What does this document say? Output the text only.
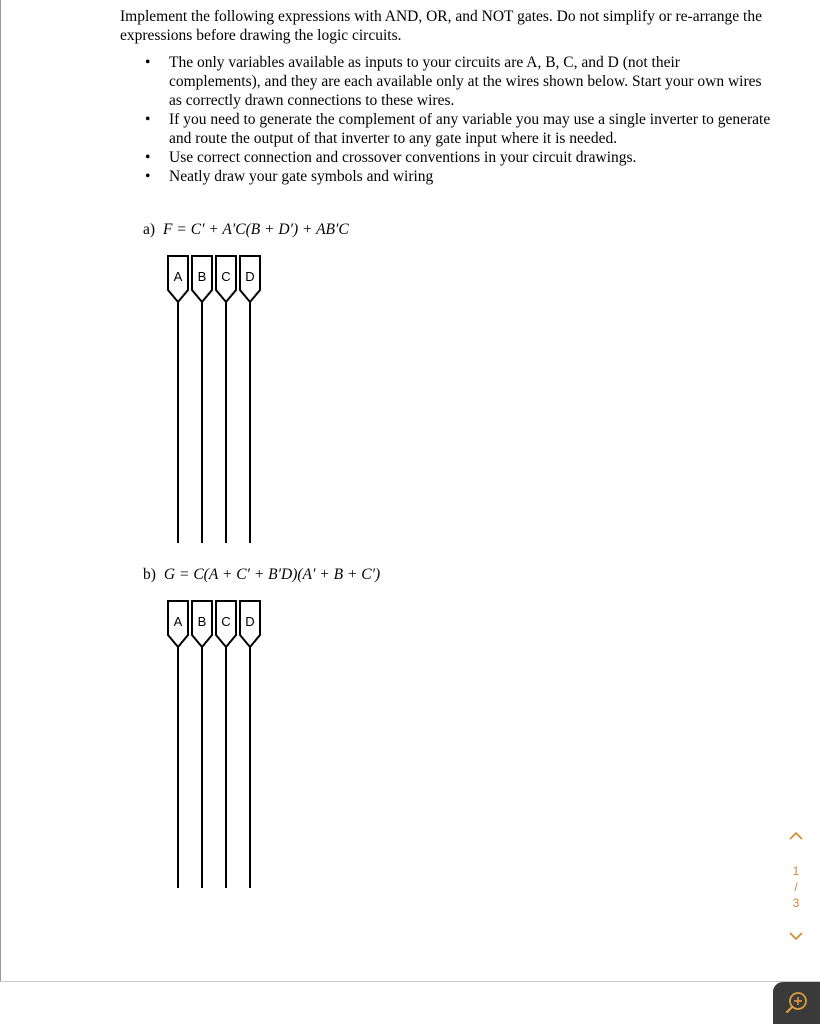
Implement the following expressions with AND, OR, and NOT gates. Do not simplify or re-arrange the expressions before drawing the logic circuits.
• The only variables available as inputs to your circuits are A, B, C, and D (not their complements), and they are each available only at the wires shown below. Start your own wires as correctly drawn connections to these wires.
• If you need to generate the complement of any variable you may use a single inverter to generate and route the output of that inverter to any gate input where it is needed.
• Use correct connection and crossover conventions in your circuit drawings.
• Neatly draw your gate symbols and wiring
a) F = C′ + A′C(B + D′) + AB′C
A B C D
b) G = C(A + C′ + B′D)(A′ + B + C′)
A B C D
1
/
3
